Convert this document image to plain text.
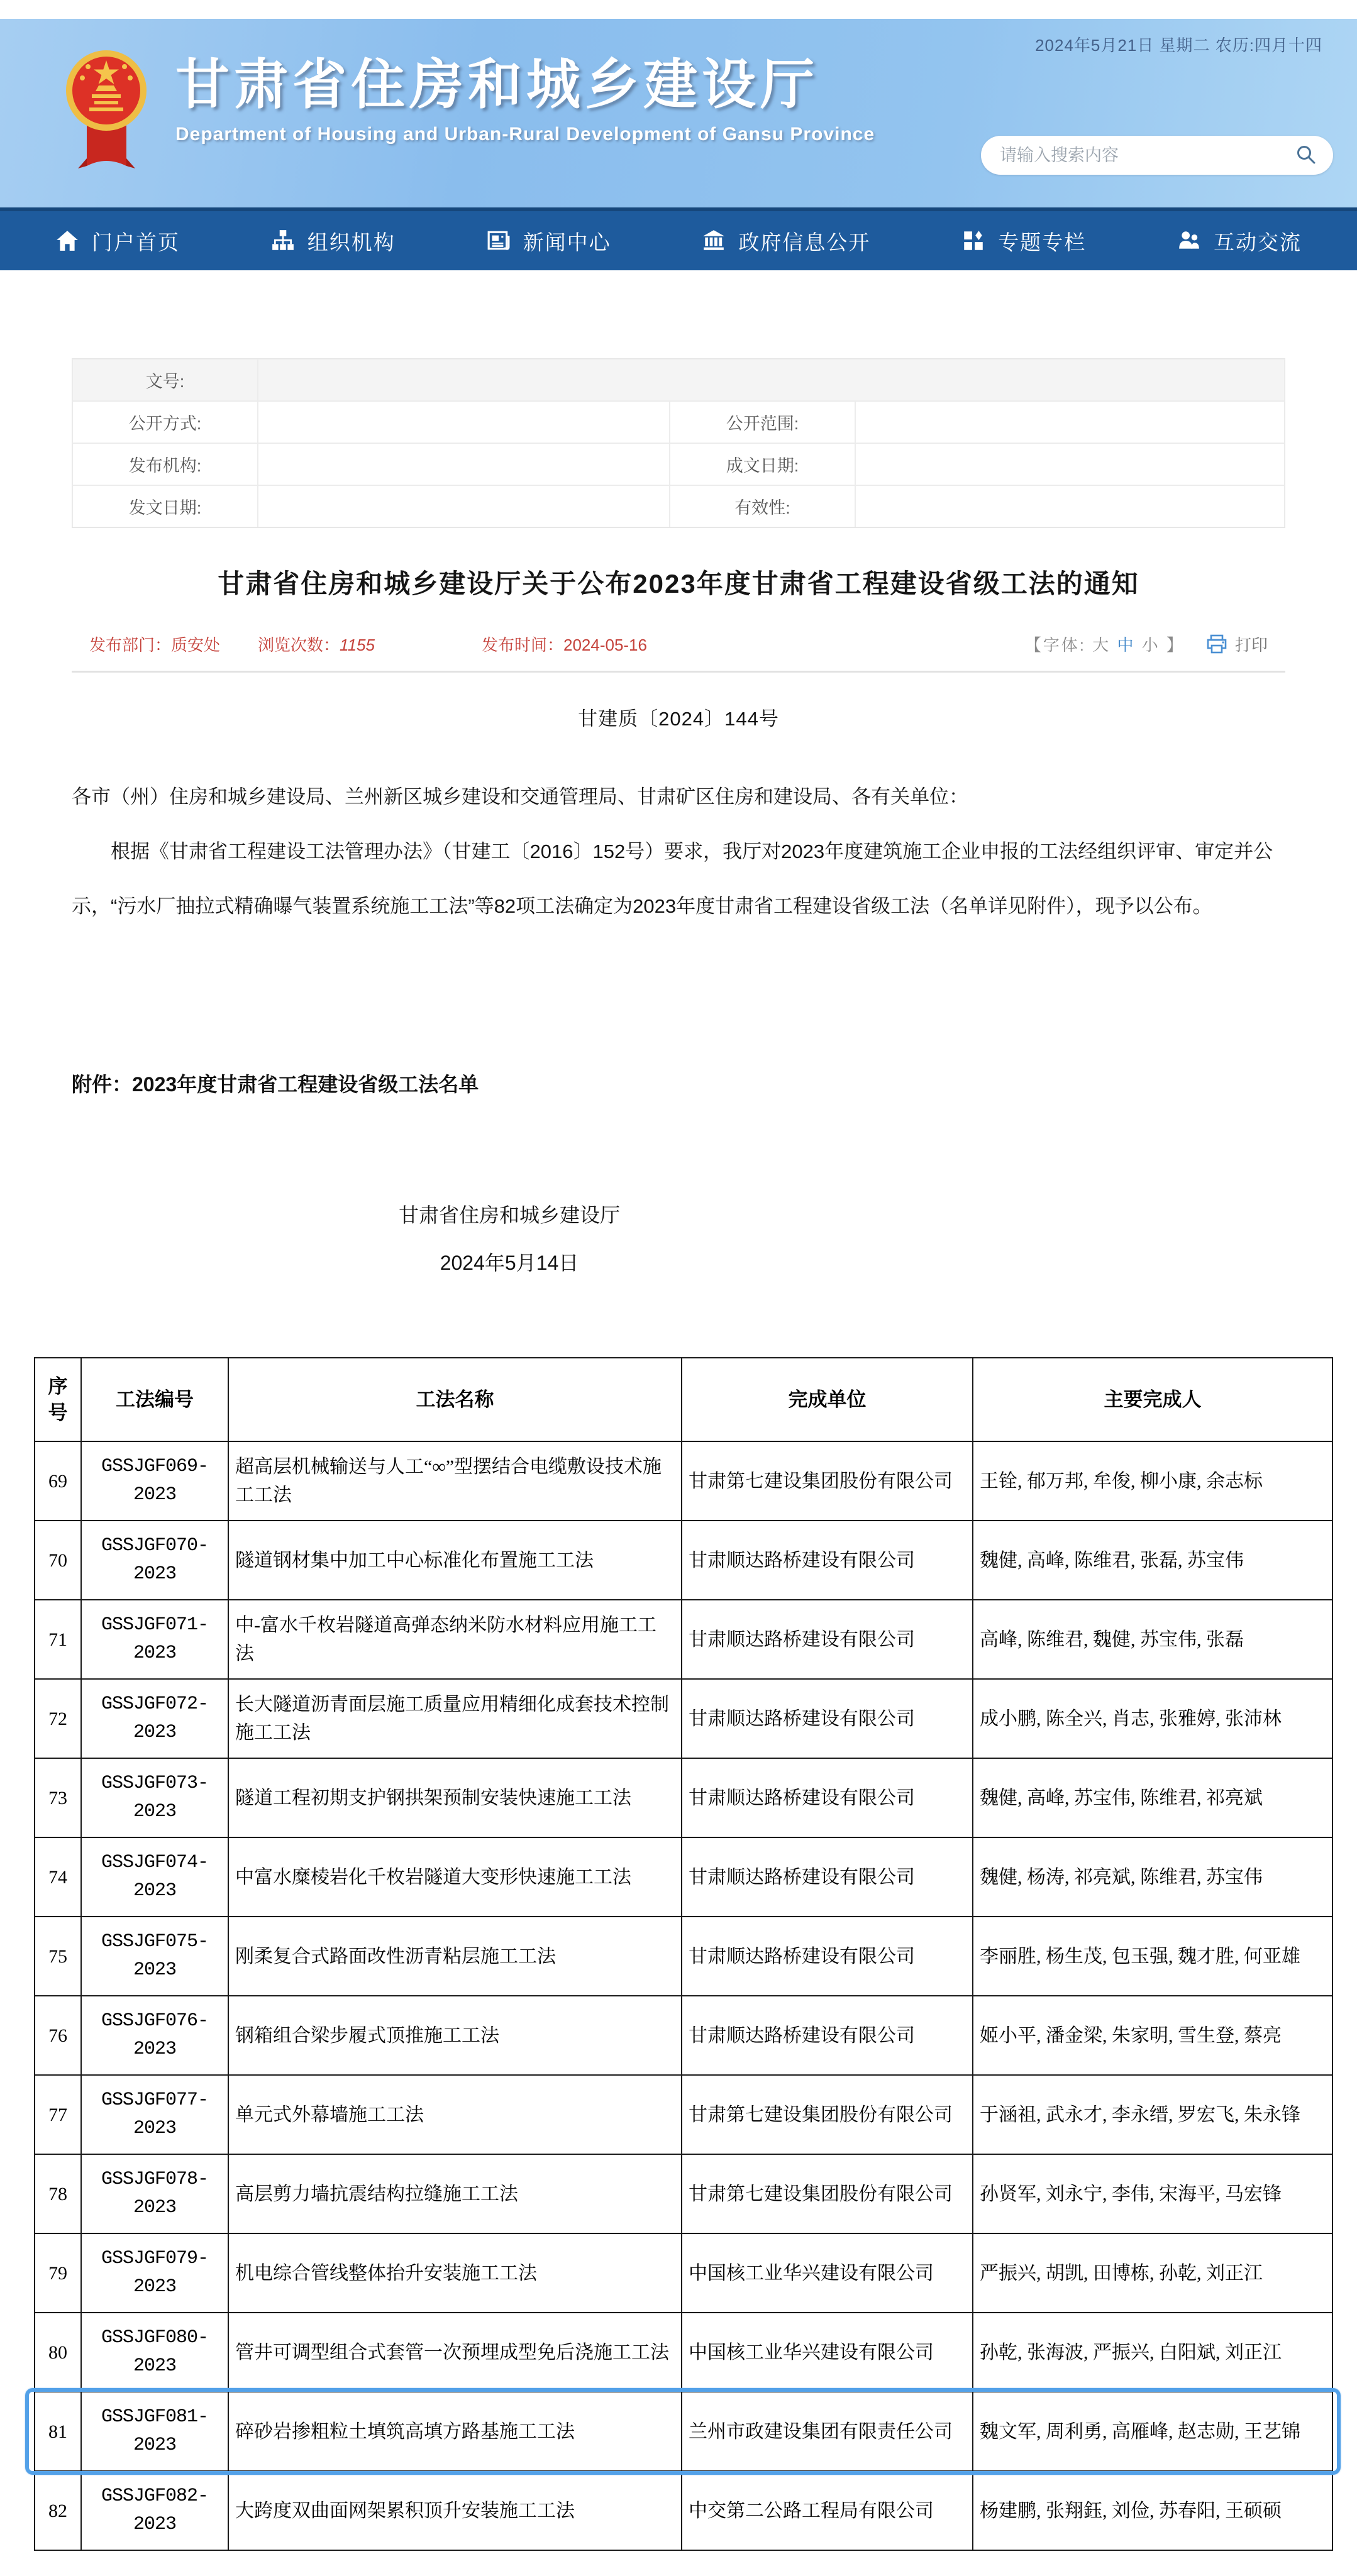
2024年5月21日 星期二 农历:四月十四
甘肃省住房和城乡建设厅
Department of Housing and Urban-Rural Development of Gansu Province
请输入搜索内容
门户首页	组织机构	新闻中心	政府信息公开	专题专栏	互动交流
文号:
公开方式:	公开范围:
发布机构:	成文日期:
发文日期:	有效性:
甘肃省住房和城乡建设厅关于公布2023年度甘肃省工程建设省级工法的通知
发布部门：质安处 浏览次数：1155	发布时间：2024-05-16	【字体: 大 中 小 】	打印
甘建质〔2024〕144号

各市（州）住房和城乡建设局、兰州新区城乡建设和交通管理局、甘肃矿区住房和建设局、各有关单位：

根据《甘肃省工程建设工法管理办法》（甘建工〔2016〕152号）要求，我厅对2023年度建筑施工企业申报的工法经组织评审、审定并公示，“污水厂抽拉式精确曝气装置系统施工工法”等82项工法确定为2023年度甘肃省工程建设省级工法（名单详见附件），现予以公布。

附件：2023年度甘肃省工程建设省级工法名单
甘肃省住房和城乡建设厅
2024年5月14日
序号	工法编号	工法名称	完成单位	主要完成人
69	GSSJGF069-2023	超高层机械输送与人工“∞”型摆结合电缆敷设技术施工工法	甘肃第七建设集团股份有限公司	王铨, 郁万邦, 牟俊, 柳小康, 余志标
70	GSSJGF070-2023	隧道钢材集中加工中心标准化布置施工工法	甘肃顺达路桥建设有限公司	魏健, 高峰, 陈维君, 张磊, 苏宝伟
71	GSSJGF071-2023	中-富水千枚岩隧道高弹态纳米防水材料应用施工工法	甘肃顺达路桥建设有限公司	高峰, 陈维君, 魏健, 苏宝伟, 张磊
72	GSSJGF072-2023	长大隧道沥青面层施工质量应用精细化成套技术控制施工工法	甘肃顺达路桥建设有限公司	成小鹏, 陈全兴, 肖志, 张雅婷, 张沛林
73	GSSJGF073-2023	隧道工程初期支护钢拱架预制安装快速施工工法	甘肃顺达路桥建设有限公司	魏健, 高峰, 苏宝伟, 陈维君, 祁亮斌
74	GSSJGF074-2023	中富水糜棱岩化千枚岩隧道大变形快速施工工法	甘肃顺达路桥建设有限公司	魏健, 杨涛, 祁亮斌, 陈维君, 苏宝伟
75	GSSJGF075-2023	刚柔复合式路面改性沥青粘层施工工法	甘肃顺达路桥建设有限公司	李丽胜, 杨生茂, 包玉强, 魏才胜, 何亚雄
76	GSSJGF076-2023	钢箱组合梁步履式顶推施工工法	甘肃顺达路桥建设有限公司	姬小平, 潘金梁, 朱家明, 雪生登, 蔡亮
77	GSSJGF077-2023	单元式外幕墙施工工法	甘肃第七建设集团股份有限公司	于涵祖, 武永才, 李永缙, 罗宏飞, 朱永锋
78	GSSJGF078-2023	高层剪力墙抗震结构拉缝施工工法	甘肃第七建设集团股份有限公司	孙贤军, 刘永宁, 李伟, 宋海平, 马宏锋
79	GSSJGF079-2023	机电综合管线整体抬升安装施工工法	中国核工业华兴建设有限公司	严振兴, 胡凯, 田博栋, 孙乾, 刘正江
80	GSSJGF080-2023	管井可调型组合式套管一次预埋成型免后浇施工工法	中国核工业华兴建设有限公司	孙乾, 张海波, 严振兴, 白阳斌, 刘正江
81	GSSJGF081-2023	碎砂岩掺粗粒土填筑高填方路基施工工法	兰州市政建设集团有限责任公司	魏文军, 周利勇, 高雁峰, 赵志勋, 王艺锦
82	GSSJGF082-2023	大跨度双曲面网架累积顶升安装施工工法	中交第二公路工程局有限公司	杨建鹏, 张翔鈺, 刘俭, 苏春阳, 王硕硕
